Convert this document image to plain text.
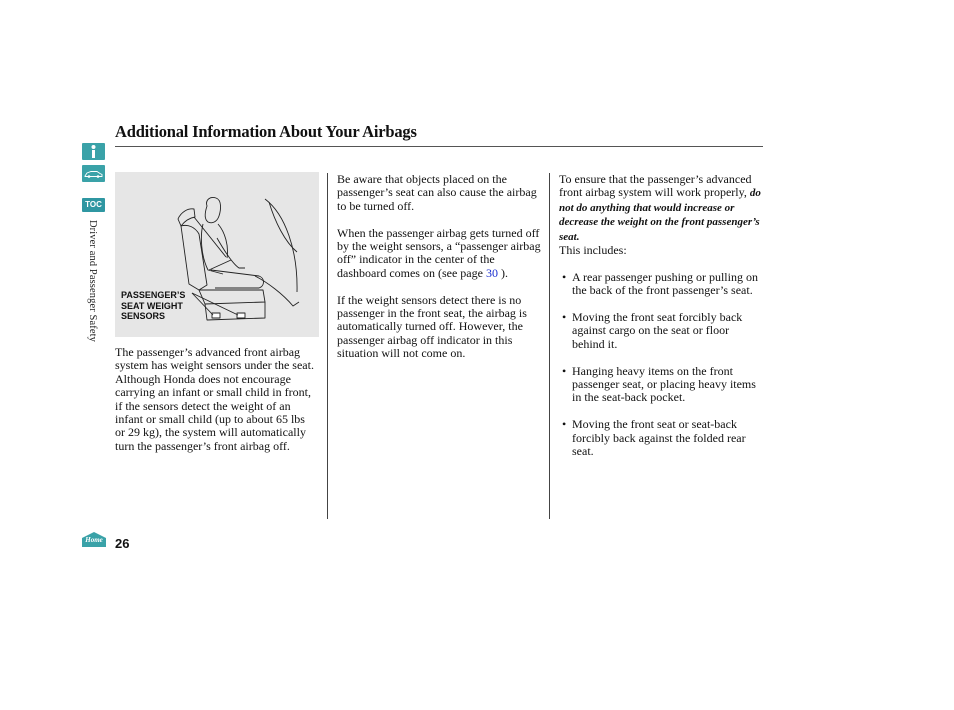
TOC
Driver and Passenger Safety
Home 26
Additional Information About Your Airbags
PASSENGER’S
SEAT WEIGHT
SENSORS

The passenger’s advanced front airbag system has weight sensors under the seat. Although Honda does not encourage carrying an infant or small child in front, if the sensors detect the weight of an infant or small child (up to about 65 lbs or 29 kg), the system will automatically turn the passenger’s front airbag off.

Be aware that objects placed on the passenger’s seat can also cause the airbag to be turned off.

When the passenger airbag gets turned off by the weight sensors, a “passenger airbag off” indicator in the center of the dashboard comes on (see page 30 ).

If the weight sensors detect there is no passenger in the front seat, the airbag is automatically turned off. However, the passenger airbag off indicator in this situation will not come on.

To ensure that the passenger’s advanced front airbag system will work properly, do not do anything that would increase or decrease the weight on the front passenger’s seat.
This includes:

• A rear passenger pushing or pulling on the back of the front passenger’s seat.

• Moving the front seat forcibly back against cargo on the seat or floor behind it.

• Hanging heavy items on the front passenger seat, or placing heavy items in the seat-back pocket.

• Moving the front seat or seat-back forcibly back against the folded rear seat.
